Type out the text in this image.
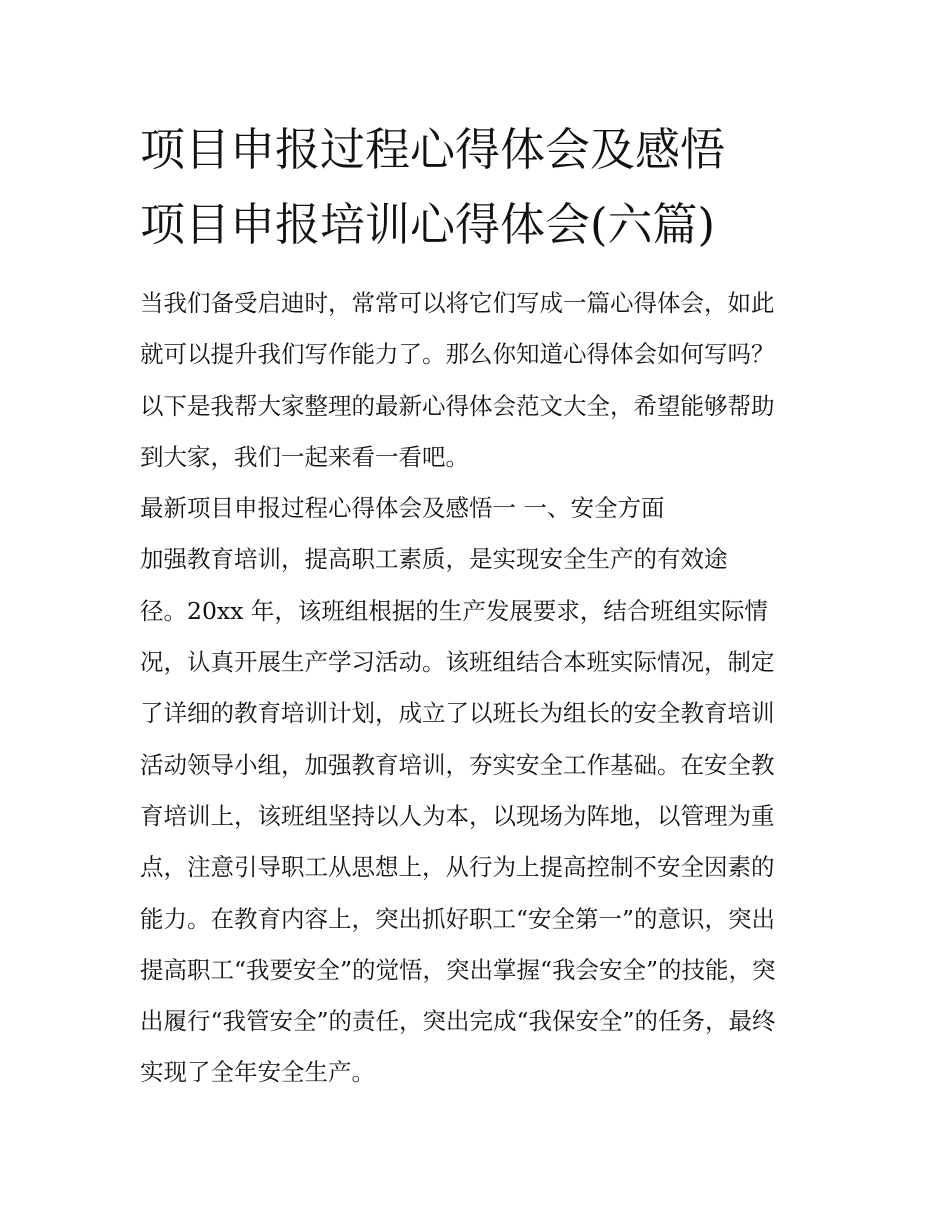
项目申报过程心得体会及感悟
项目申报培训心得体会(六篇)
当我们备受启迪时，常常可以将它们写成一篇心得体会，如此
就可以提升我们写作能力了。那么你知道心得体会如何写吗？
以下是我帮大家整理的最新心得体会范文大全，希望能够帮助
到大家，我们一起来看一看吧。
最新项目申报过程心得体会及感悟一 一、安全方面
加强教育培训，提高职工素质，是实现安全生产的有效途
径。20xx 年，该班组根据的生产发展要求，结合班组实际情
况，认真开展生产学习活动。该班组结合本班实际情况，制定
了详细的教育培训计划，成立了以班长为组长的安全教育培训
活动领导小组，加强教育培训，夯实安全工作基础。在安全教
育培训上，该班组坚持以人为本，以现场为阵地，以管理为重
点，注意引导职工从思想上，从行为上提高控制不安全因素的
能力。在教育内容上，突出抓好职工“安全第一”的意识，突出
提高职工“我要安全”的觉悟，突出掌握“我会安全”的技能，突
出履行“我管安全”的责任，突出完成“我保安全”的任务，最终
实现了全年安全生产。
